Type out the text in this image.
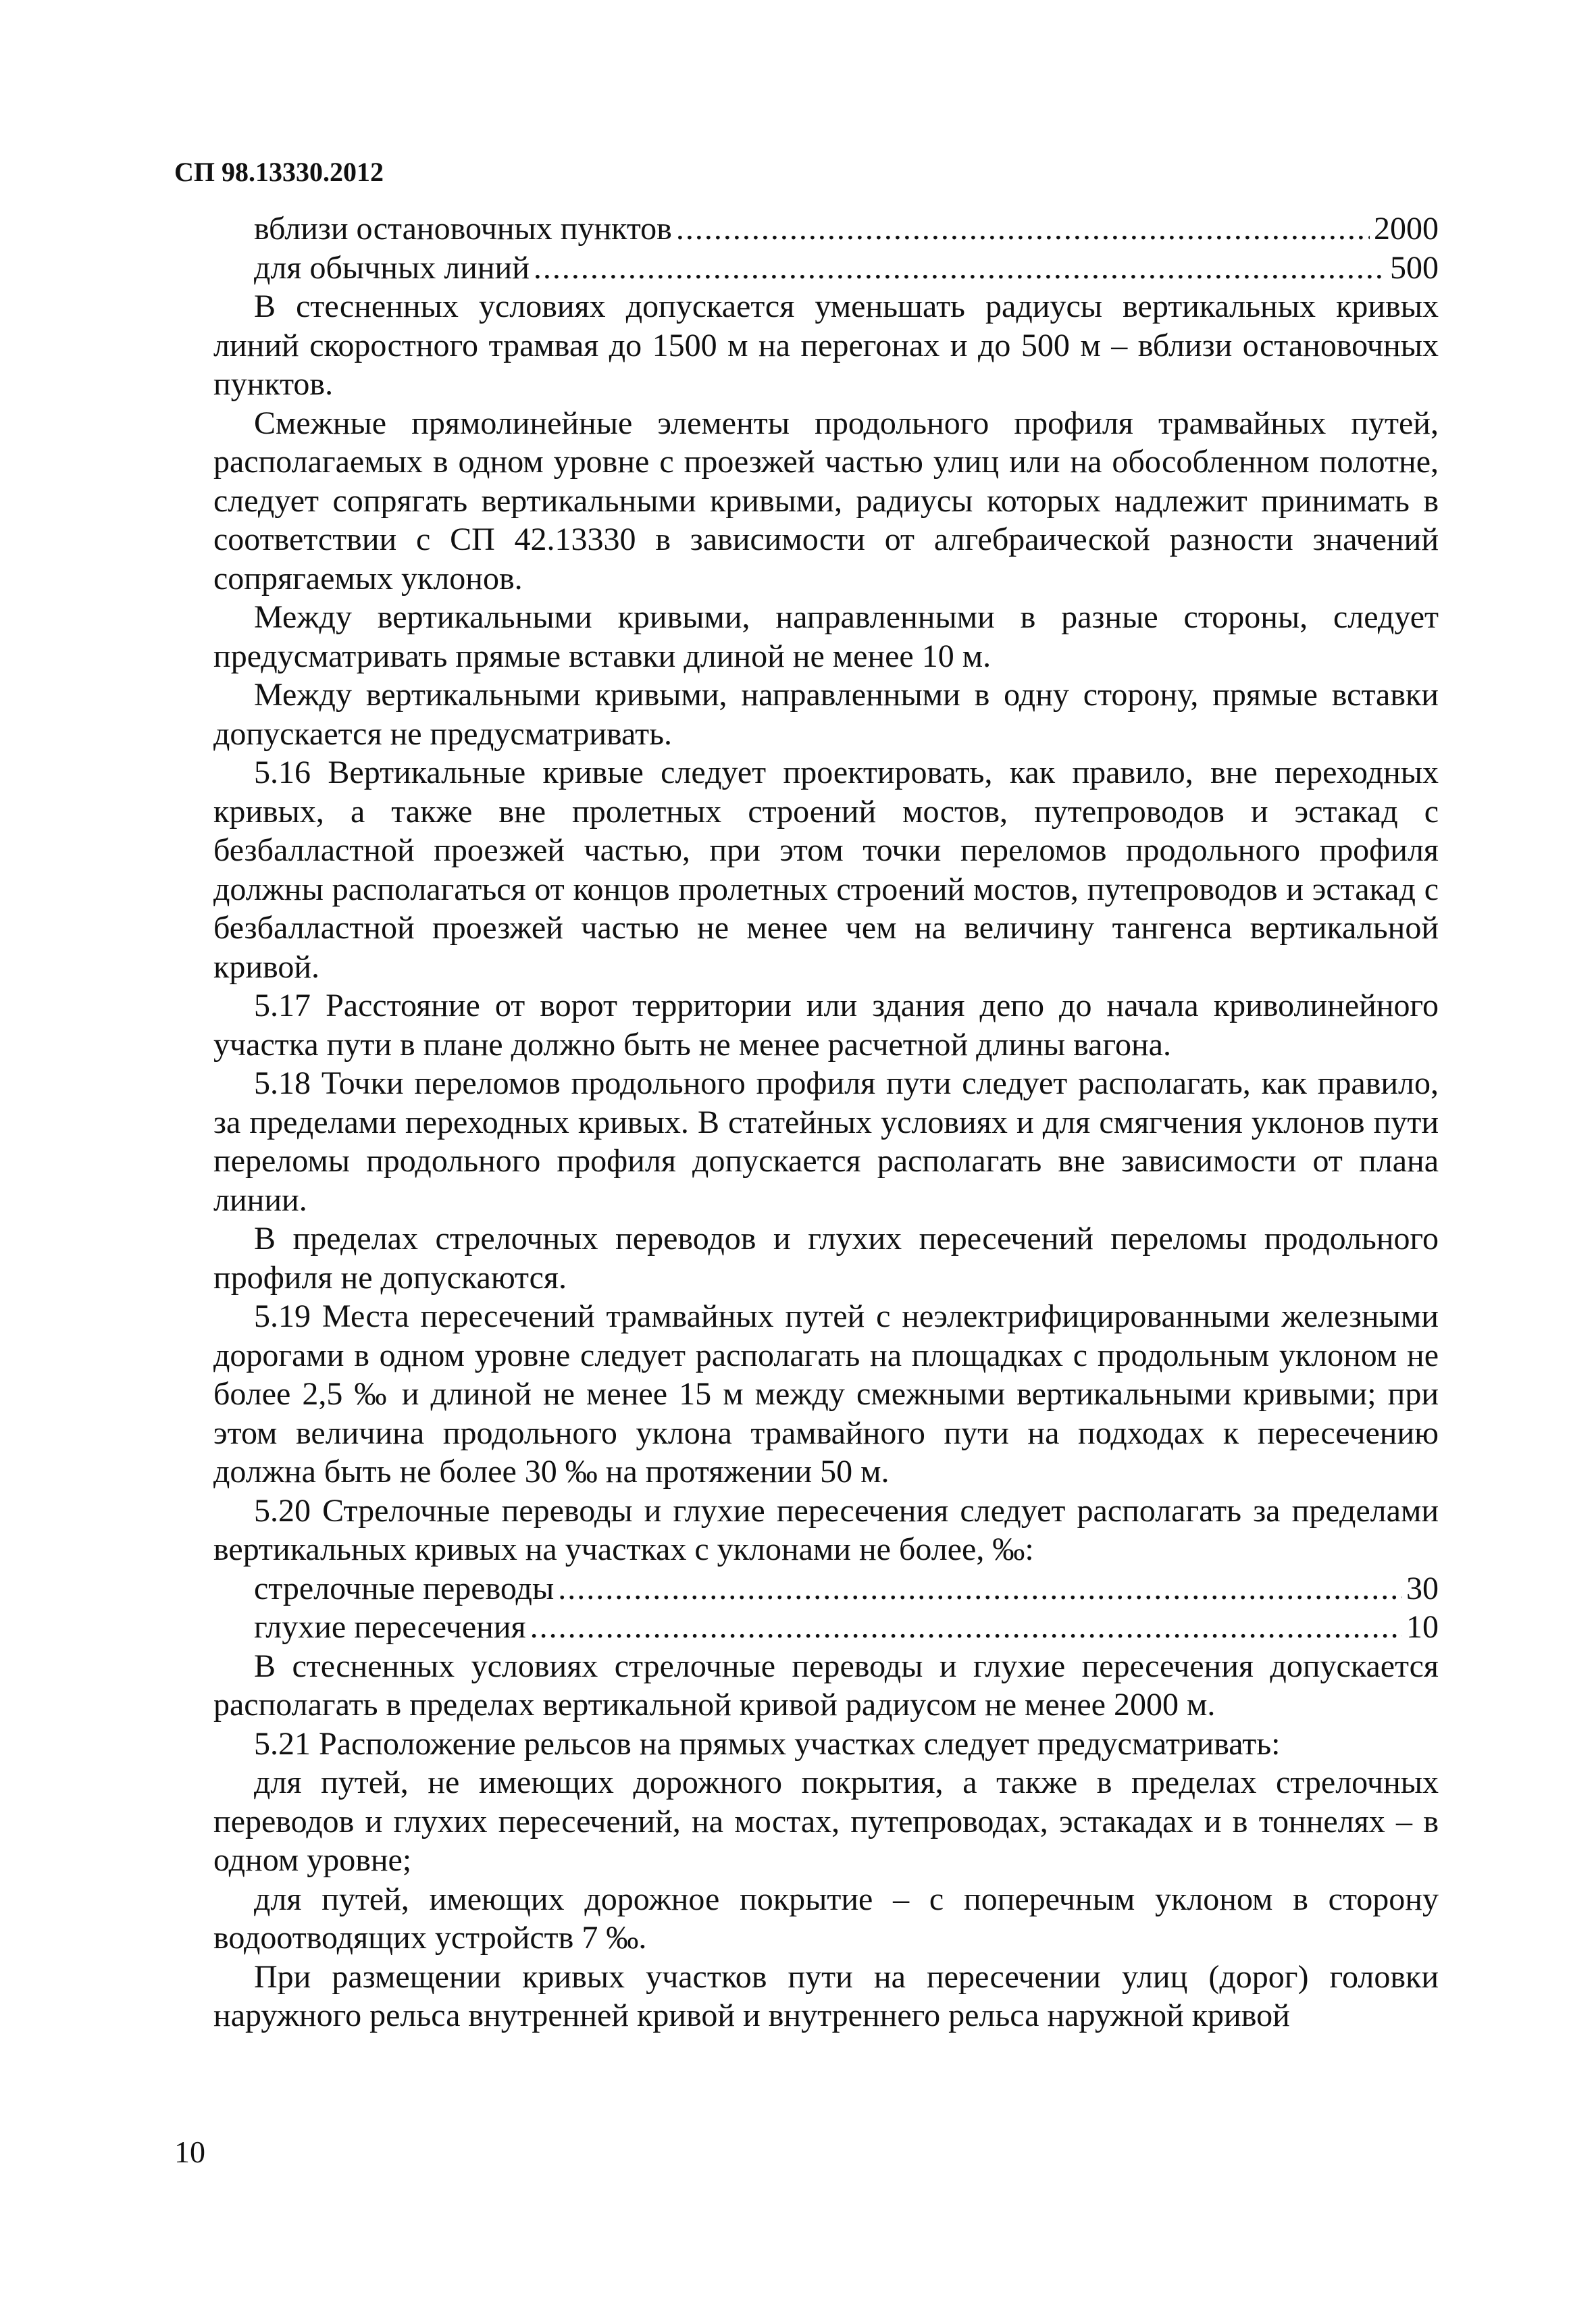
СП 98.13330.2012
вблизи остановочных пунктов .....	2000
для обычных линий .....	500

В стесненных условиях допускается уменьшать радиусы вертикальных кривых линий скоростного трамвая до 1500 м на перегонах и до 500 м – вблизи остановочных пунктов.

Смежные прямолинейные элементы продольного профиля трамвайных путей, располагаемых в одном уровне с проезжей частью улиц или на обособленном полотне, следует сопрягать вертикальными кривыми, радиусы которых надлежит принимать в соответствии с СП 42.13330 в зависимости от алгебраической разности значений сопрягаемых уклонов.

Между вертикальными кривыми, направленными в разные стороны, следует предусматривать прямые вставки длиной не менее 10 м.

Между вертикальными кривыми, направленными в одну сторону, прямые вставки допускается не предусматривать.

5.16 Вертикальные кривые следует проектировать, как правило, вне переходных кривых, а также вне пролетных строений мостов, путепроводов и эстакад с безбалластной проезжей частью, при этом точки переломов продольного профиля должны располагаться от концов пролетных строений мостов, путепроводов и эстакад с безбалластной проезжей частью не менее чем на величину тангенса вертикальной кривой.

5.17 Расстояние от ворот территории или здания депо до начала криволинейного участка пути в плане должно быть не менее расчетной длины вагона.

5.18 Точки переломов продольного профиля пути следует располагать, как правило, за пределами переходных кривых. В статейных условиях и для смягчения уклонов пути переломы продольного профиля допускается располагать вне зависимости от плана линии.

В пределах стрелочных переводов и глухих пересечений переломы продольного профиля не допускаются.

5.19 Места пересечений трамвайных путей с неэлектрифицированными железными дорогами в одном уровне следует располагать на площадках с продольным уклоном не более 2,5 ‰ и длиной не менее 15 м между смежными вертикальными кривыми; при этом величина продольного уклона трамвайного пути на подходах к пересечению должна быть не более 30 ‰ на протяжении 50 м.

5.20 Стрелочные переводы и глухие пересечения следует располагать за пределами вертикальных кривых на участках с уклонами не более, ‰:

стрелочные переводы .....	30
глухие пересечения .....	10

В стесненных условиях стрелочные переводы и глухие пересечения допускается располагать в пределах вертикальной кривой радиусом не менее 2000 м.

5.21 Расположение рельсов на прямых участках следует предусматривать:

для путей, не имеющих дорожного покрытия, а также в пределах стрелочных переводов и глухих пересечений, на мостах, путепроводах, эстакадах и в тоннелях – в одном уровне;

для путей, имеющих дорожное покрытие – с поперечным уклоном в сторону водоотводящих устройств 7 ‰.

При размещении кривых участков пути на пересечении улиц (дорог) головки наружного рельса внутренней кривой и внутреннего рельса наружной кривой

10
